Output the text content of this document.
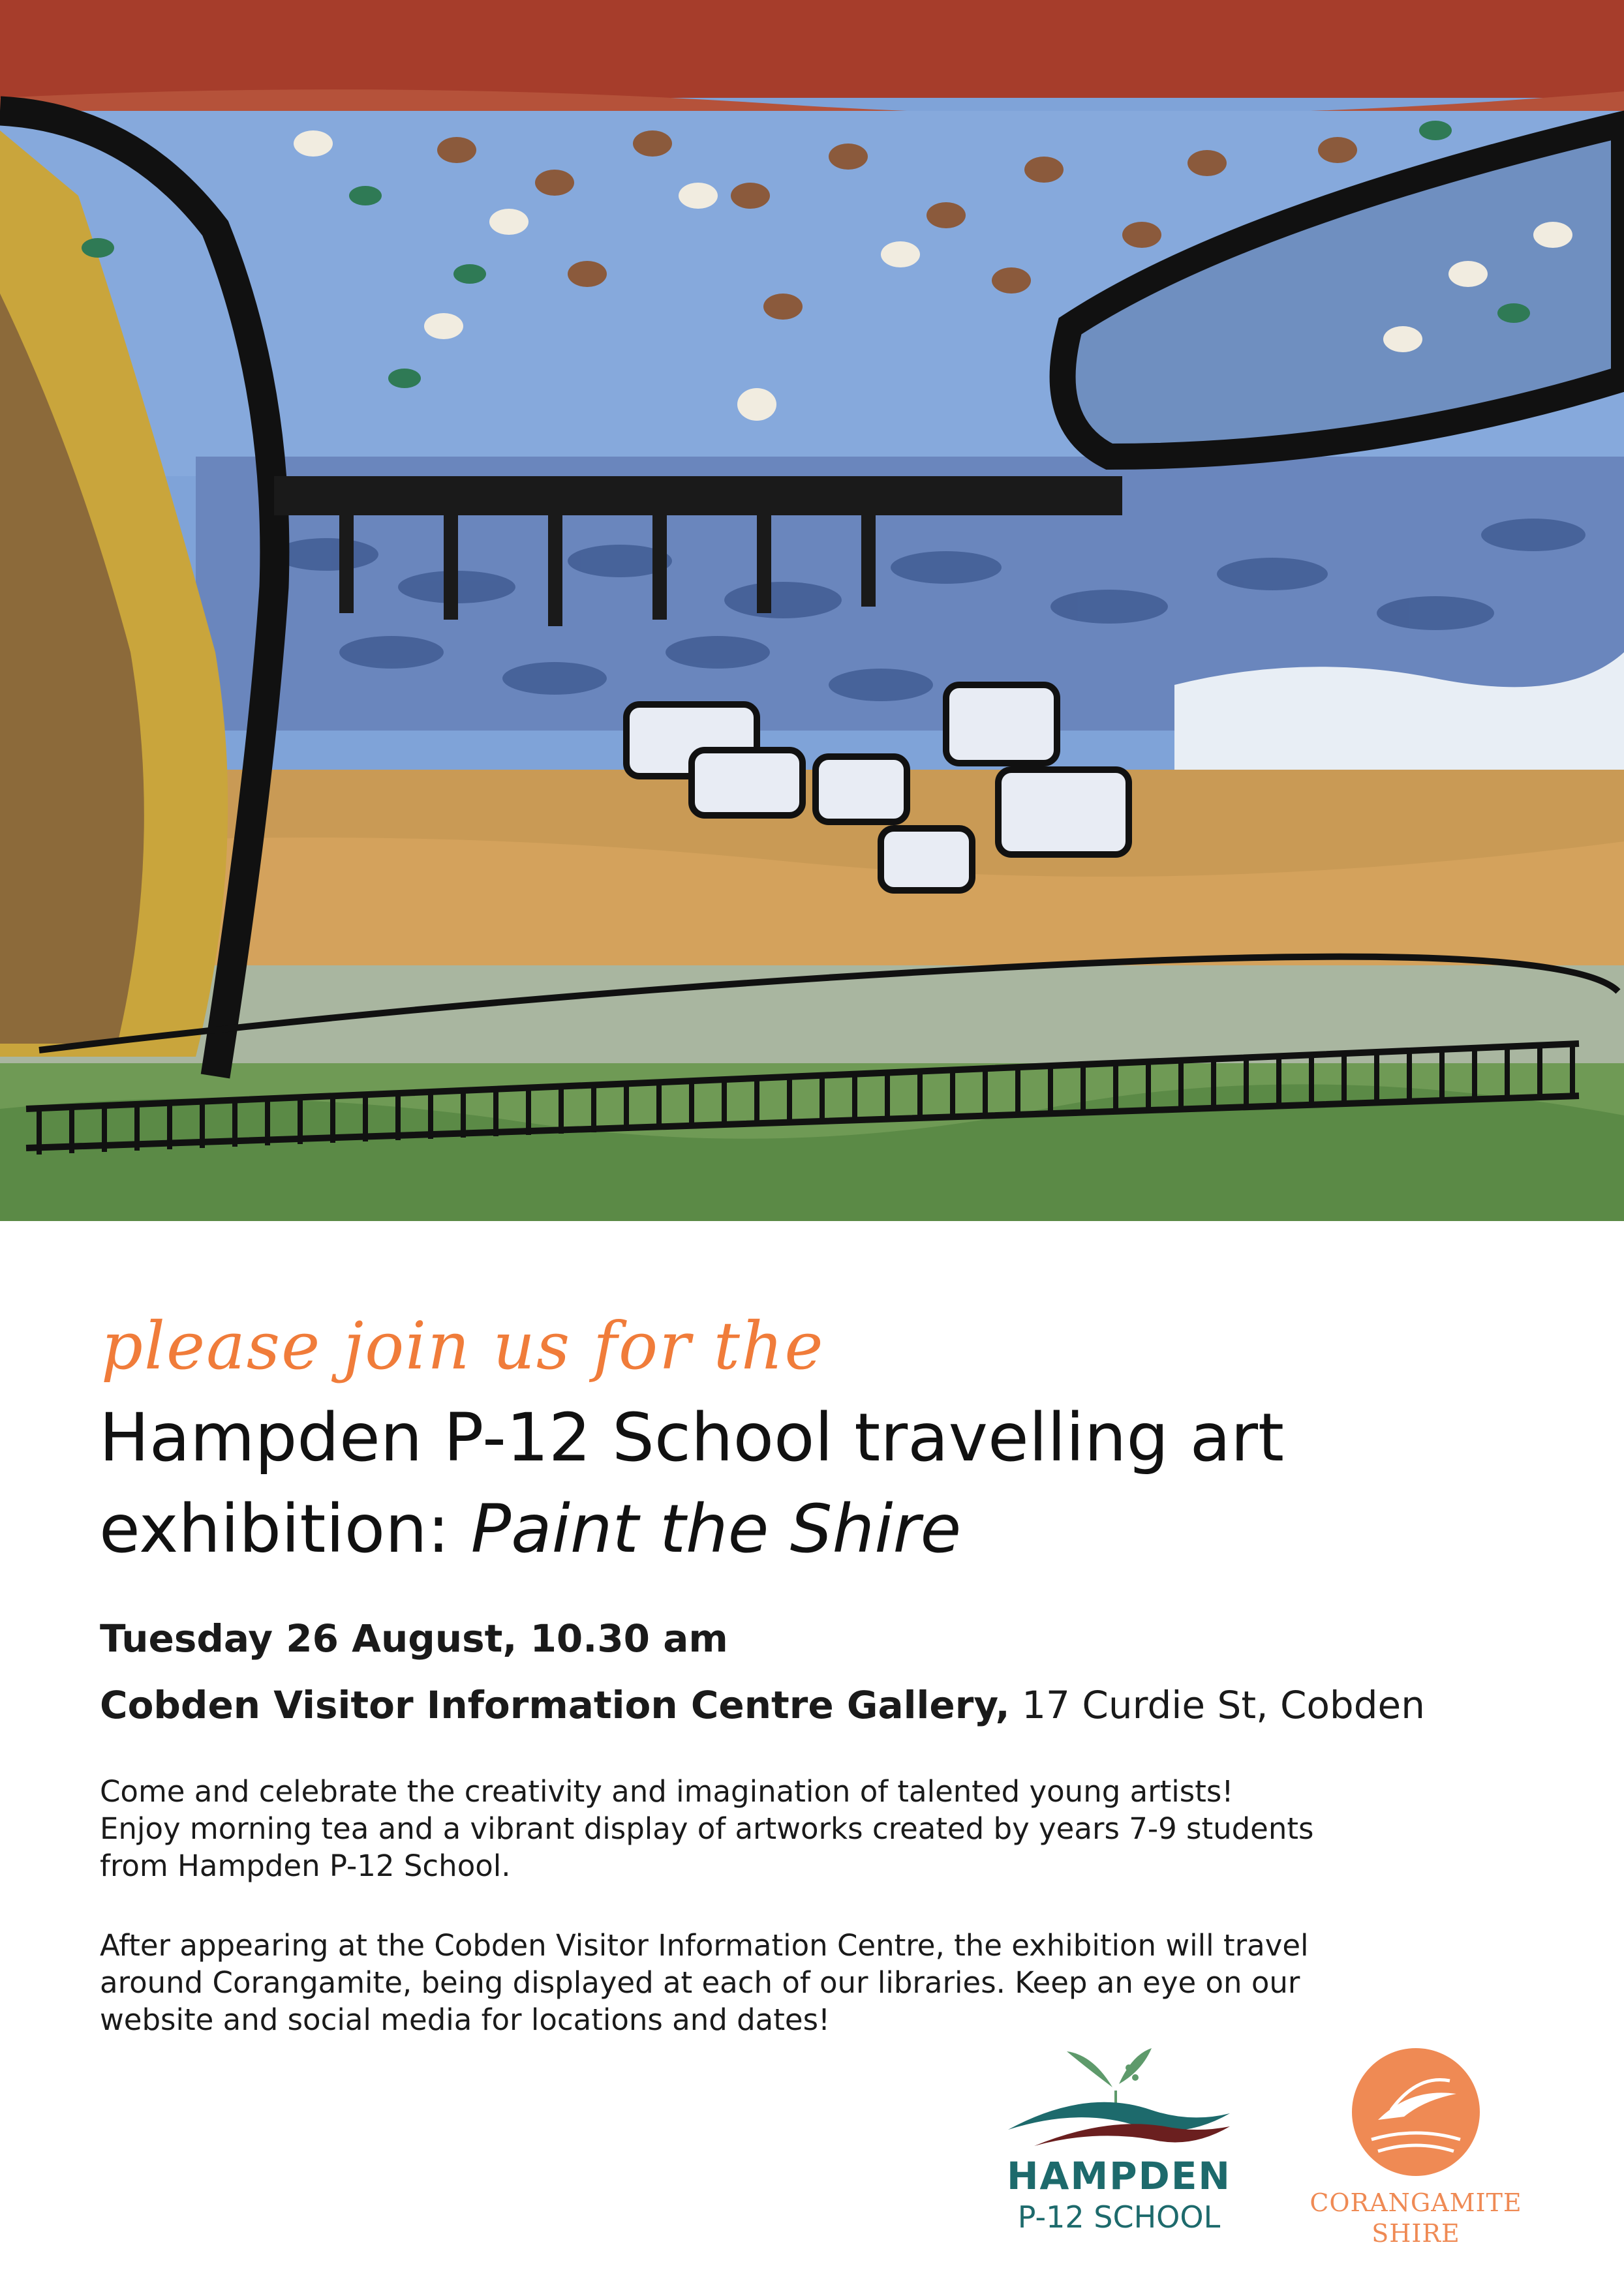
please join us for the
Hampden P-12 School travelling art
exhibition: Paint the Shire
Tuesday 26 August, 10.30 am
Cobden Visitor Information Centre Gallery, 17 Curdie St, Cobden
Come and celebrate the creativity and imagination of talented young artists!
Enjoy morning tea and a vibrant display of artworks created by years 7-9 students
from Hampden P-12 School.
After appearing at the Cobden Visitor Information Centre, the exhibition will travel
around Corangamite, being displayed at each of our libraries. Keep an eye on our
website and social media for locations and dates!
HAMPDEN
P-12 SCHOOL	CORANGAMITE
SHIRE
